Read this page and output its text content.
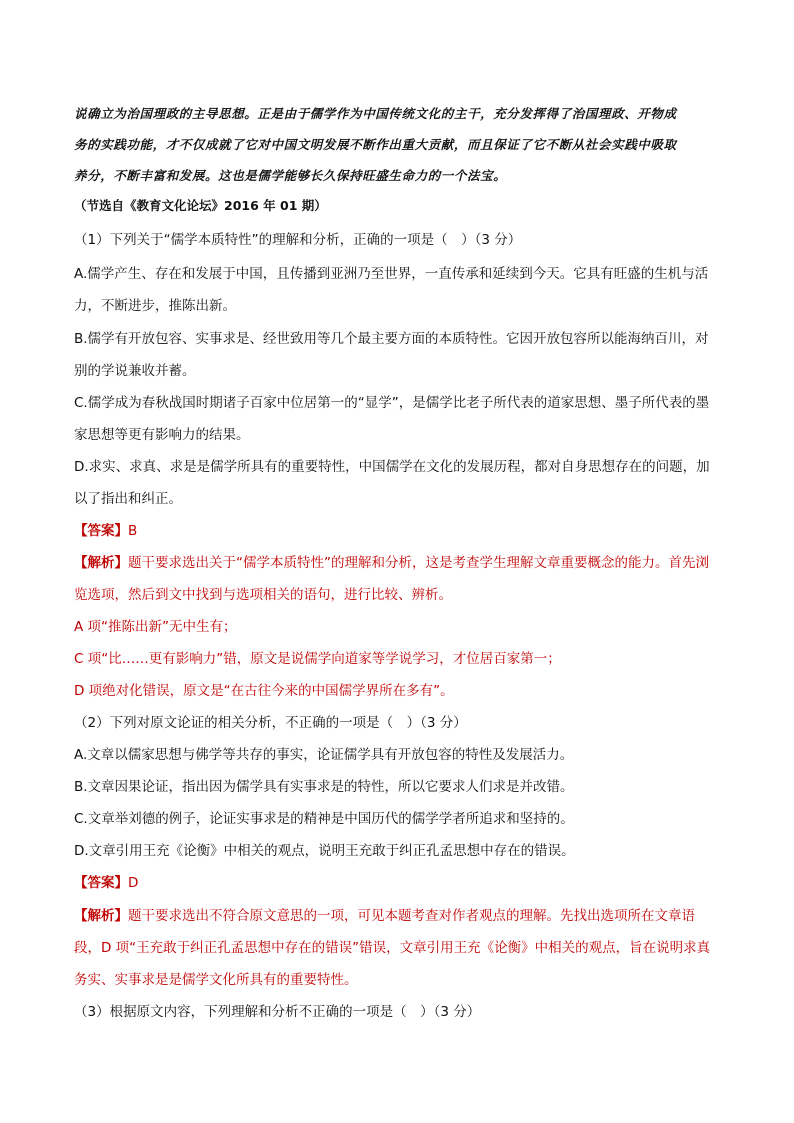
说确立为治国理政的主导思想。正是由于儒学作为中国传统文化的主干，充分发挥得了治国理政、开物成
务的实践功能，才不仅成就了它对中国文明发展不断作出重大贡献，而且保证了它不断从社会实践中吸取
养分，不断丰富和发展。这也是儒学能够长久保持旺盛生命力的一个法宝。
（节选自《教育文化论坛》2016 年 01 期）
（1）下列关于“儒学本质特性”的理解和分析，正确的一项是（　）（3 分）
A.儒学产生、存在和发展于中国，且传播到亚洲乃至世界，一直传承和延续到今天。它具有旺盛的生机与活
力，不断进步，推陈出新。
B.儒学有开放包容、实事求是、经世致用等几个最主要方面的本质特性。它因开放包容所以能海纳百川，对
别的学说兼收并蓄。
C.儒学成为春秋战国时期诸子百家中位居第一的“显学”，是儒学比老子所代表的道家思想、墨子所代表的墨
家思想等更有影响力的结果。
D.求实、求真、求是是儒学所具有的重要特性，中国儒学在文化的发展历程，都对自身思想存在的问题，加
以了指出和纠正。
【答案】B
【解析】题干要求选出关于“儒学本质特性”的理解和分析，这是考查学生理解文章重要概念的能力。首先浏
览选项，然后到文中找到与选项相关的语句，进行比较、辨析。
A 项“推陈出新”无中生有；
C 项“比……更有影响力”错，原文是说儒学向道家等学说学习，才位居百家第一；
D 项绝对化错误，原文是“在古往今来的中国儒学界所在多有”。
（2）下列对原文论证的相关分析，不正确的一项是（　）（3 分）
A.文章以儒家思想与佛学等共存的事实，论证儒学具有开放包容的特性及发展活力。
B.文章因果论证，指出因为儒学具有实事求是的特性，所以它要求人们求是并改错。
C.文章举刘德的例子，论证实事求是的精神是中国历代的儒学学者所追求和坚持的。
D.文章引用王充《论衡》中相关的观点，说明王充敢于纠正孔孟思想中存在的错误。
【答案】D
【解析】题干要求选出不符合原文意思的一项，可见本题考查对作者观点的理解。先找出选项所在文章语
段，D 项“王充敢于纠正孔孟思想中存在的错误”错误，文章引用王充《论衡》中相关的观点，旨在说明求真
务实、实事求是是儒学文化所具有的重要特性。
（3）根据原文内容，下列理解和分析不正确的一项是（　）（3 分）
